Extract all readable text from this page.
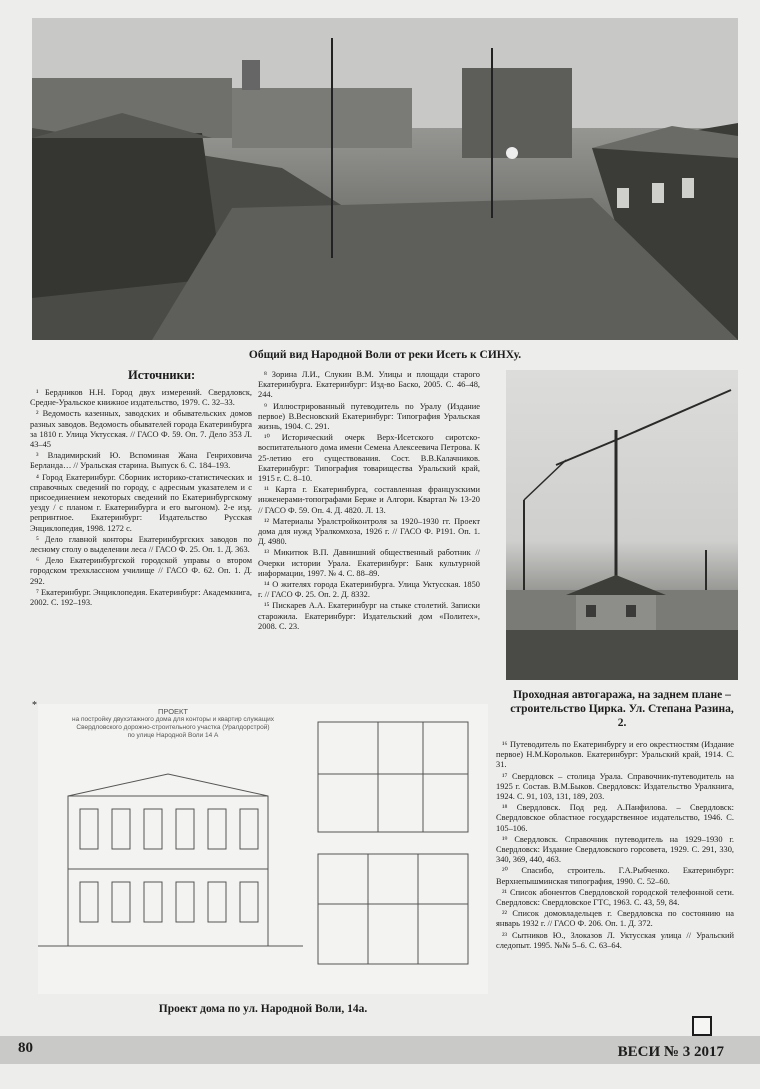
Общий вид Народной Воли от реки Исеть к СИНХу.
Источники:

¹ Бердников Н.Н. Город двух измерений. Свердловск, Средне-Уральское книжное издательство, 1979. С. 32–33.

² Ведомость казенных, заводских и обывательских домов разных заводов. Ведомость обывателей города Екатеринбурга за 1810 г. Улица Уктусская. // ГАСО Ф. 59. Оп. 7. Дело 353 Л. 43–45

³ Владимирский Ю. Вспоминая Жана Генриховича Берланда… // Уральская старина. Выпуск 6. С. 184–193.

⁴ Город Екатеринбург. Сборник историко-статистических и справочных сведений по городу, с адресным указателем и с присоединением некоторых сведений по Екатеринбургскому уезду / с планом г. Екатеринбурга и его выгоном). 2-е изд. репринтное. Екатеринбург: Издательство Русская Энциклопедия, 1998. 1272 с.

⁵ Дело главной конторы Екатеринбургских заводов по лесному столу о выделении леса // ГАСО Ф. 25. Оп. 1. Д. 363.

⁶ Дело Екатеринбургской городской управы о втором городском трехклассном училище // ГАСО Ф. 62. Оп. 1. Д. 292.

⁷ Екатеринбург. Энциклопедия. Екатеринбург: Академкнига, 2002. С. 192–193.

⁸ Зорина Л.И., Слукин В.М. Улицы и площади старого Екатеринбурга. Екатеринбург: Изд-во Баско, 2005. С. 46–48, 244.

⁹ Иллюстрированный путеводитель по Уралу (Издание первое) В.Весновский Екатеринбург: Типография Уральская жизнь, 1904. С. 291.

¹⁰ Исторический очерк Верх-Исетского сиротско-воспитательного дома имени Семена Алексеевича Петрова. К 25-летию его существования. Сост. В.В.Калачников. Екатеринбург: Типография товарищества Уральский край, 1915 г. С. 8–10.

¹¹ Карта г. Екатеринбурга, составленная французскими инженерами-топографами Берже и Алгори. Квартал № 13-20 // ГАСО Ф. 59. Оп. 4. Д. 4820. Л. 13.

¹² Материалы Уралстройконтроля за 1920–1930 гг. Проект дома для нужд Уралкомхоза, 1926 г. // ГАСО Ф. Р191. Оп. 1. Д. 4980.

¹³ Микитюк В.П. Давнишний общественный работник // Очерки истории Урала. Екатеринбург: Банк культурной информации, 1997. № 4. С. 88–89.

¹⁴ О жителях города Екатеринбурга. Улица Уктусская. 1850 г. // ГАСО Ф. 25. Оп. 2. Д. 8332.

¹⁵ Пискарев А.А. Екатеринбург на стыке столетий. Записки старожила. Екатеринбург: Издательский дом «Политех», 2008. С. 23.

Проходная автогаража, на заднем плане – строительство Цирка. Ул. Степана Разина, 2.

¹⁶ Путеводитель по Екатеринбургу и его окрестностям (Издание первое) Н.М.Корольков. Екатеринбург: Уральский край, 1914. С. 31.

¹⁷ Свердловск – столица Урала. Справочник-путеводитель на 1925 г. Состав. В.М.Быков. Свердловск: Издательство Уралкнига, 1924. С. 91, 103, 131, 189, 203.

¹⁸ Свердловск. Под ред. А.Панфилова. – Свердловск: Свердловское областное государственное издательство, 1946. С. 105–106.

¹⁹ Свердловск. Справочник путеводитель на 1929–1930 г. Свердловск: Издание Свердловского горсовета, 1929. С. 291, 330, 340, 369, 440, 463.

²⁰ Спасибо, строитель. Г.А.Рыбченко. Екатеринбург: Верхнепышминская типография, 1990. С. 52–60.

²¹ Список абонентов Свердловской городской телефонной сети. Свердловск: Свердловское ГТС, 1963. С. 43, 59, 84.

²² Список домовладельцев г. Свердловска по состоянию на январь 1932 г. // ГАСО Ф. 206. Оп. 1. Д. 372.

²³ Сытников Ю., Злоказов Л. Уктусская улица // Уральский следопыт. 1995. №№ 5–6. С. 63–64.

*
ПРОЕКТ
на постройку двухэтажного дома для конторы и квартир служащих
Свердловского дорожно-строительного участка (Уралдорстрой)
по улице Народной Воли 14 А
Проект дома по ул. Народной Воли, 14а.
80	ВЕСИ № 3 2017
